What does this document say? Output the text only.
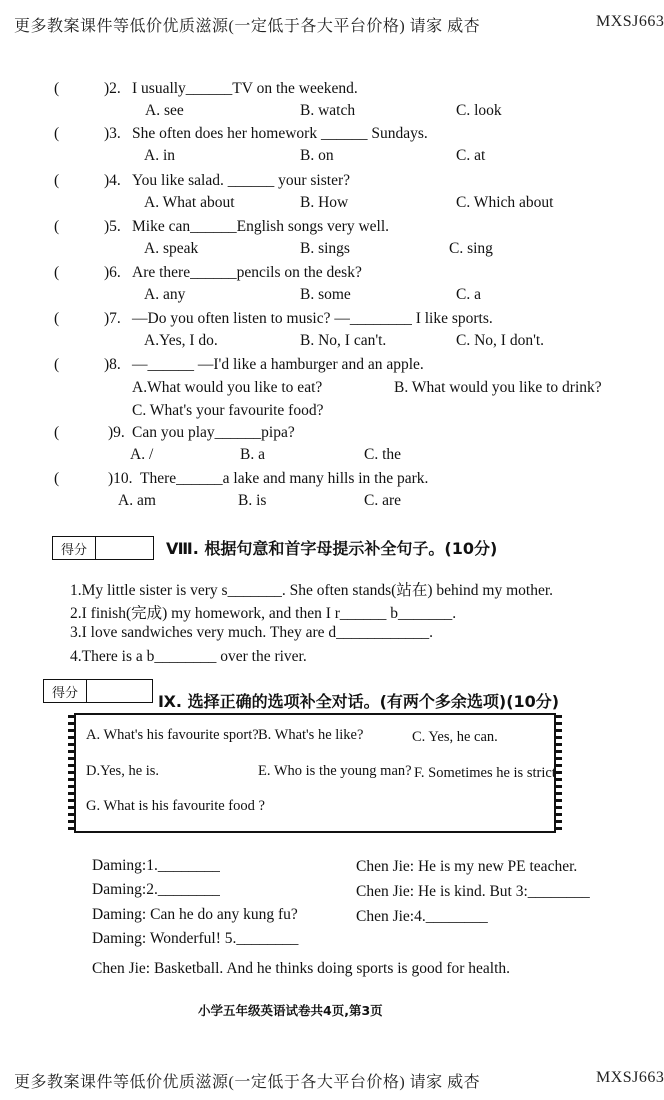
更多教案课件等低价优质滋源(一定低于各大平台价格) 请家 威杏	MXSJ663
(	)2. I usually______TV on the weekend.
A. see	B. watch	C. look
(	)3. She often does her homework ______ Sundays.
A. in	B. on	C. at
(	)4. You like salad. ______ your sister?
A. What about	B. How	C. Which about
(	)5. Mike can______English songs very well.
A. speak	B. sings	C. sing
(	)6. Are there______pencils on the desk?
A. any	B. some	C. a
(	)7. —Do you often listen to music? —________ I like sports.
A.Yes, I do.	B. No, I can't.	C. No, I don't.
(	)8. —______ —I'd like a hamburger and an apple.
A.What would you like to eat?	B. What would you like to drink?
C. What's your favourite food?
(	)9. Can you play______pipa?
A. /	B. a	C. the
(	)10. There______a lake and many hills in the park.
A. am	B. is	C. are
得分	Ⅷ. 根据句意和首字母提示补全句子。(10分)
1.My little sister is very s_______. She often stands(站在) behind my mother.
2.I finish(完成) my homework, and then I r______ b_______.
3.I love sandwiches very much. They are d____________.
4.There is a b________ over the river.
得分	Ⅸ. 选择正确的选项补全对话。(有两个多余选项)(10分)
A. What's his favourite sport? B. What's he like?	C. Yes, he can.
D.Yes, he is.	E. Who is the young man? F. Sometimes he is strict
G. What is his favourite food ?
Daming:1.________
Daming:2.________
Daming: Can he do any kung fu?
Daming: Wonderful! 5.________
Chen Jie: He is my new PE teacher.
Chen Jie: He is kind. But 3:________
Chen Jie:4.________
Chen Jie: Basketball. And he thinks doing sports is good for health.
小学五年级英语试卷共4页,第3页
更多教案课件等低价优质滋源(一定低于各大平台价格) 请家 威杏	MXSJ663
